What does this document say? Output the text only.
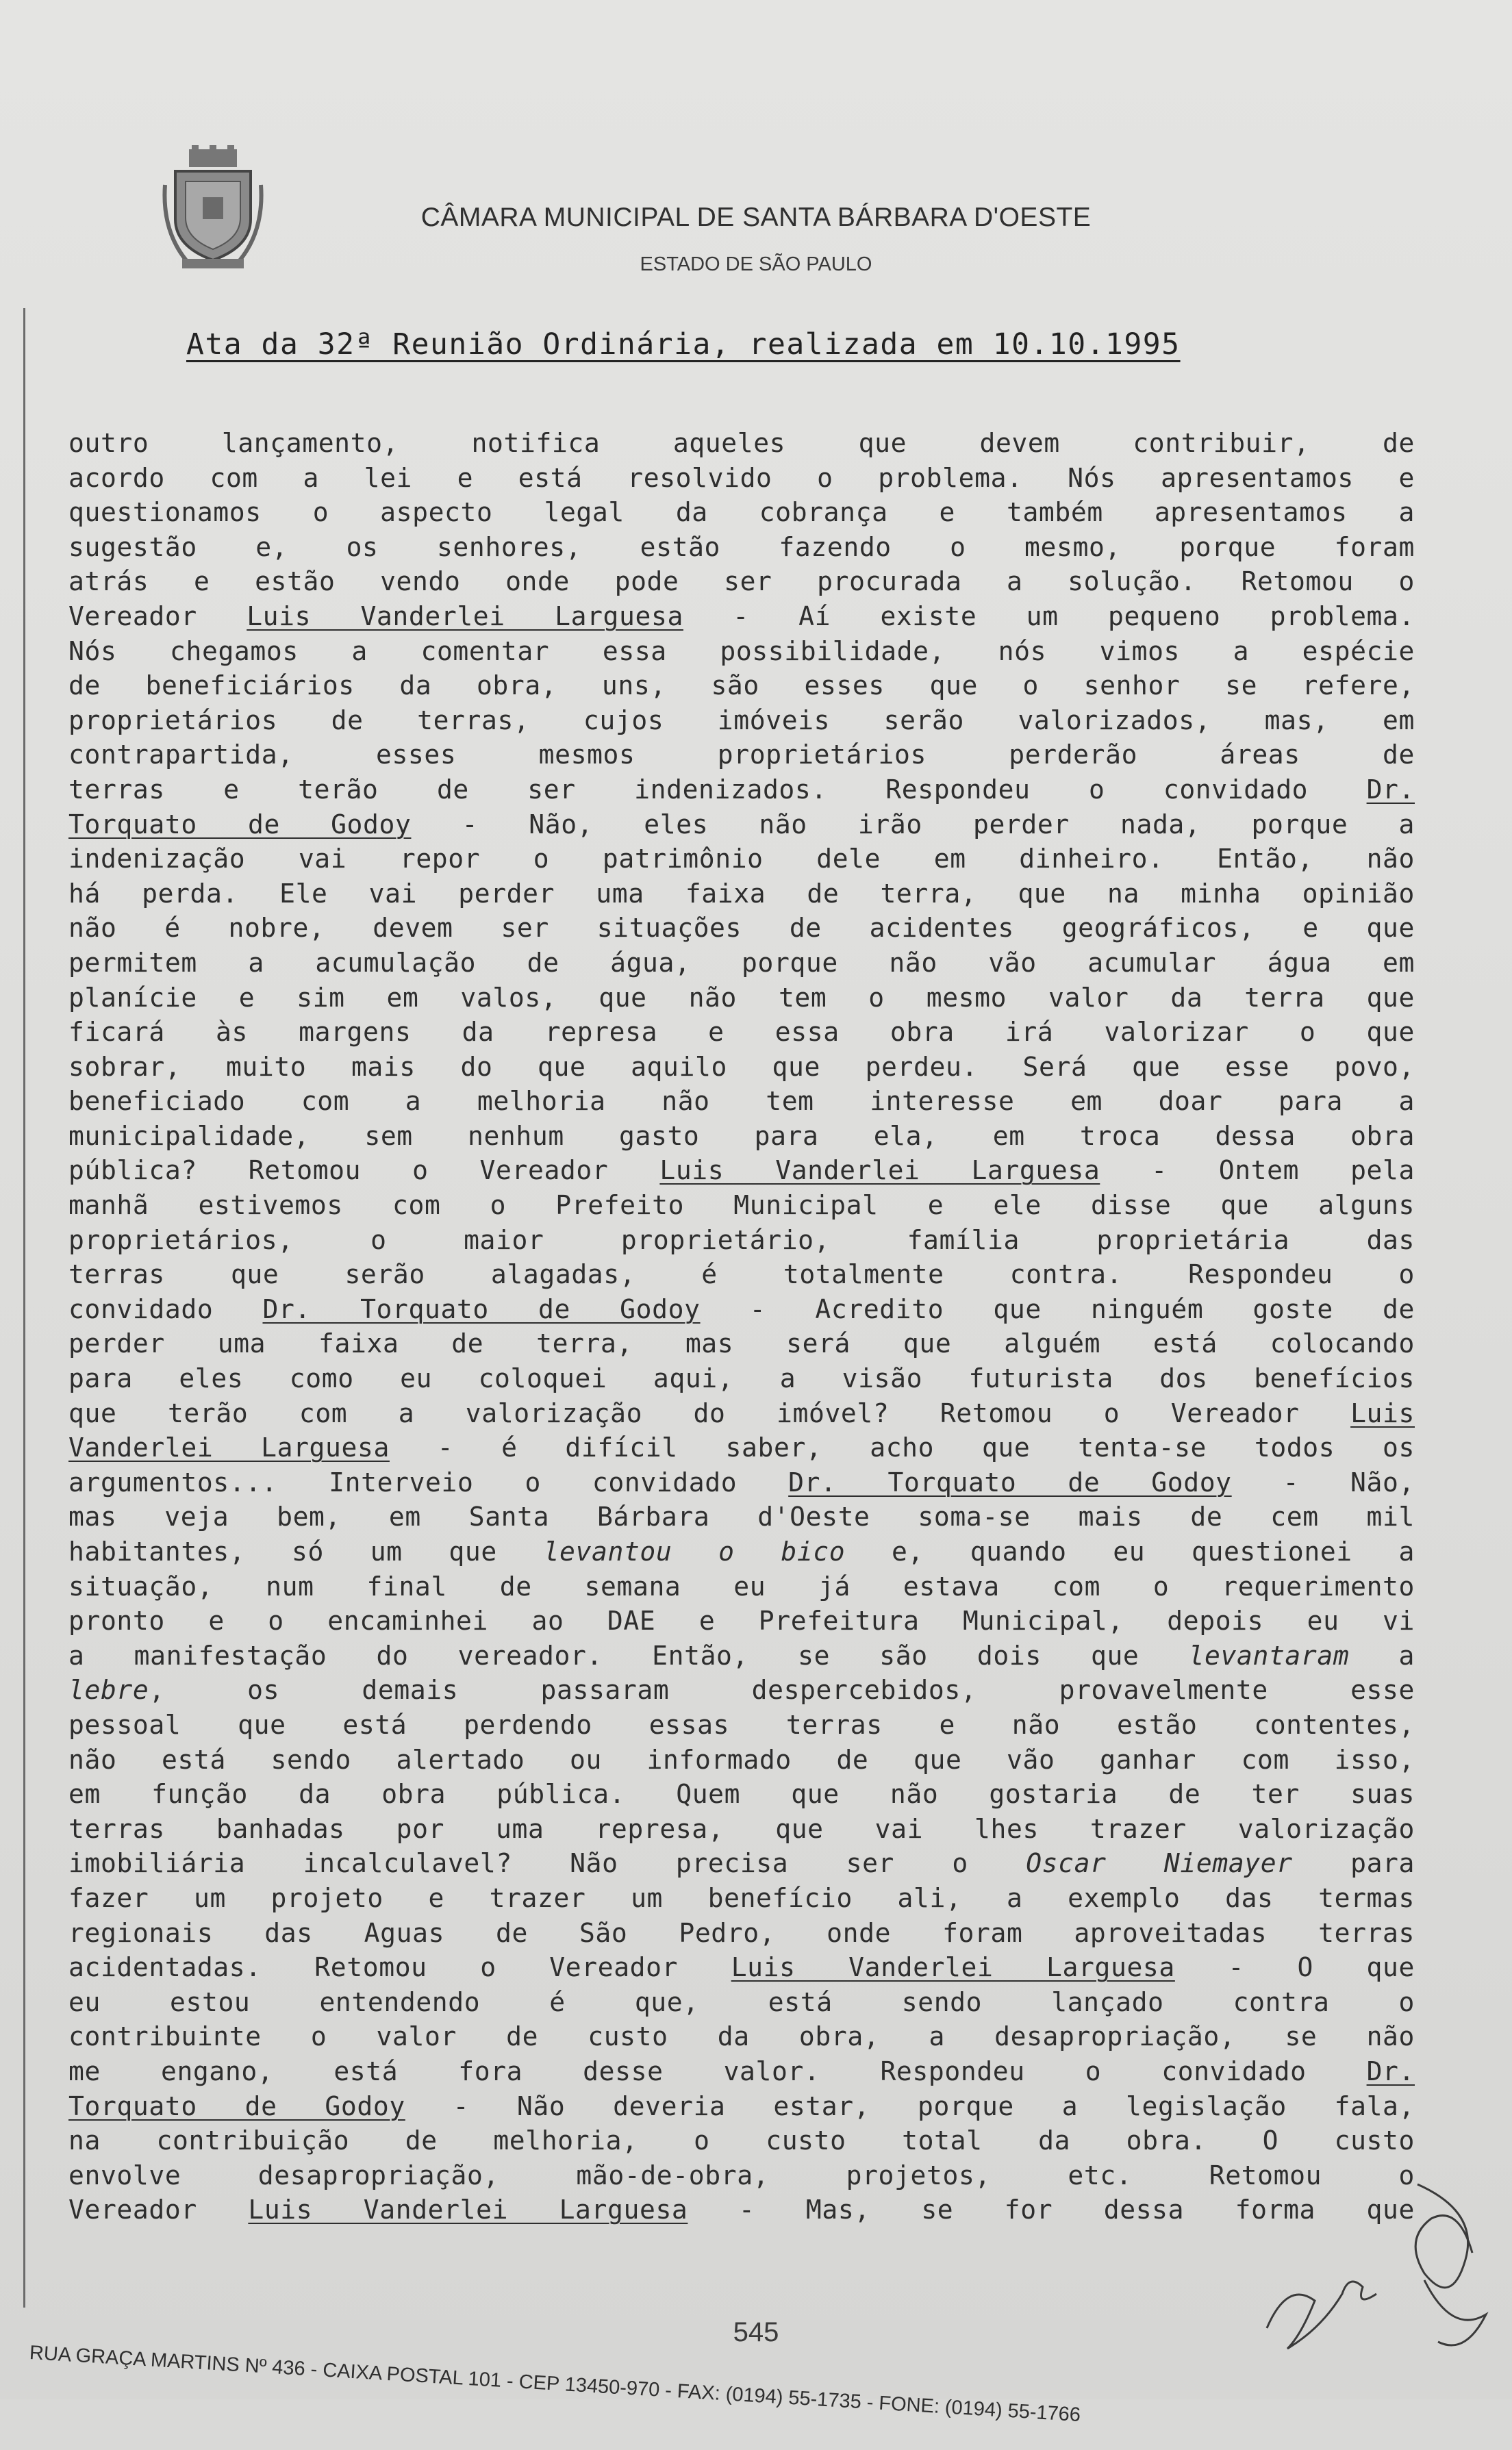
CÂMARA MUNICIPAL DE SANTA BÁRBARA D'OESTE
ESTADO DE SÃO PAULO
Ata da 32ª Reunião Ordinária, realizada em 10.10.1995
outro lançamento, notifica aqueles que devem contribuir, de
acordo com a lei e está resolvido o problema. Nós apresentamos e
questionamos o aspecto legal da cobrança e também apresentamos a
sugestão e, os senhores, estão fazendo o mesmo, porque foram
atrás e estão vendo onde pode ser procurada a solução. Retomou o
Vereador Luis Vanderlei Larguesa - Aí existe um pequeno problema.
Nós chegamos a comentar essa possibilidade, nós vimos a espécie
de beneficiários da obra, uns, são esses que o senhor se refere,
proprietários de terras, cujos imóveis serão valorizados, mas, em
contrapartida, esses mesmos proprietários perderão áreas de
terras e terão de ser indenizados. Respondeu o convidado Dr.
Torquato de Godoy - Não, eles não irão perder nada, porque a
indenização vai repor o patrimônio dele em dinheiro. Então, não
há perda. Ele vai perder uma faixa de terra, que na minha opinião
não é nobre, devem ser situações de acidentes geográficos, e que
permitem a acumulação de água, porque não vão acumular água em
planície e sim em valos, que não tem o mesmo valor da terra que
ficará às margens da represa e essa obra irá valorizar o que
sobrar, muito mais do que aquilo que perdeu. Será que esse povo,
beneficiado com a melhoria não tem interesse em doar para a
municipalidade, sem nenhum gasto para ela, em troca dessa obra
pública? Retomou o Vereador Luis Vanderlei Larguesa - Ontem pela
manhã estivemos com o Prefeito Municipal e ele disse que alguns
proprietários, o maior proprietário, família proprietária das
terras que serão alagadas, é totalmente contra. Respondeu o
convidado Dr. Torquato de Godoy - Acredito que ninguém goste de
perder uma faixa de terra, mas será que alguém está colocando
para eles como eu coloquei aqui, a visão futurista dos benefícios
que terão com a valorização do imóvel? Retomou o Vereador Luis
Vanderlei Larguesa - é difícil saber, acho que tenta-se todos os
argumentos... Interveio o convidado Dr. Torquato de Godoy - Não,
mas veja bem, em Santa Bárbara d'Oeste soma-se mais de cem mil
habitantes, só um que levantou o bico e, quando eu questionei a
situação, num final de semana eu já estava com o requerimento
pronto e o encaminhei ao DAE e Prefeitura Municipal, depois eu vi
a manifestação do vereador. Então, se são dois que levantaram a
lebre, os demais passaram despercebidos, provavelmente esse
pessoal que está perdendo essas terras e não estão contentes,
não está sendo alertado ou informado de que vão ganhar com isso,
em função da obra pública. Quem que não gostaria de ter suas
terras banhadas por uma represa, que vai lhes trazer valorização
imobiliária incalculavel? Não precisa ser o Oscar Niemayer para
fazer um projeto e trazer um benefício ali, a exemplo das termas
regionais das Aguas de São Pedro, onde foram aproveitadas terras
acidentadas. Retomou o Vereador Luis Vanderlei Larguesa - O que
eu estou entendendo é que, está sendo lançado contra o
contribuinte o valor de custo da obra, a desapropriação, se não
me engano, está fora desse valor. Respondeu o convidado Dr.
Torquato de Godoy - Não deveria estar, porque a legislação fala,
na contribuição de melhoria, o custo total da obra. O custo
envolve desapropriação, mão-de-obra, projetos, etc. Retomou o
Vereador Luis Vanderlei Larguesa - Mas, se for dessa forma que
545
RUA GRAÇA MARTINS Nº 436 - CAIXA POSTAL 101 - CEP 13450-970 - FAX: (0194) 55-1735 - FONE: (0194) 55-1766
